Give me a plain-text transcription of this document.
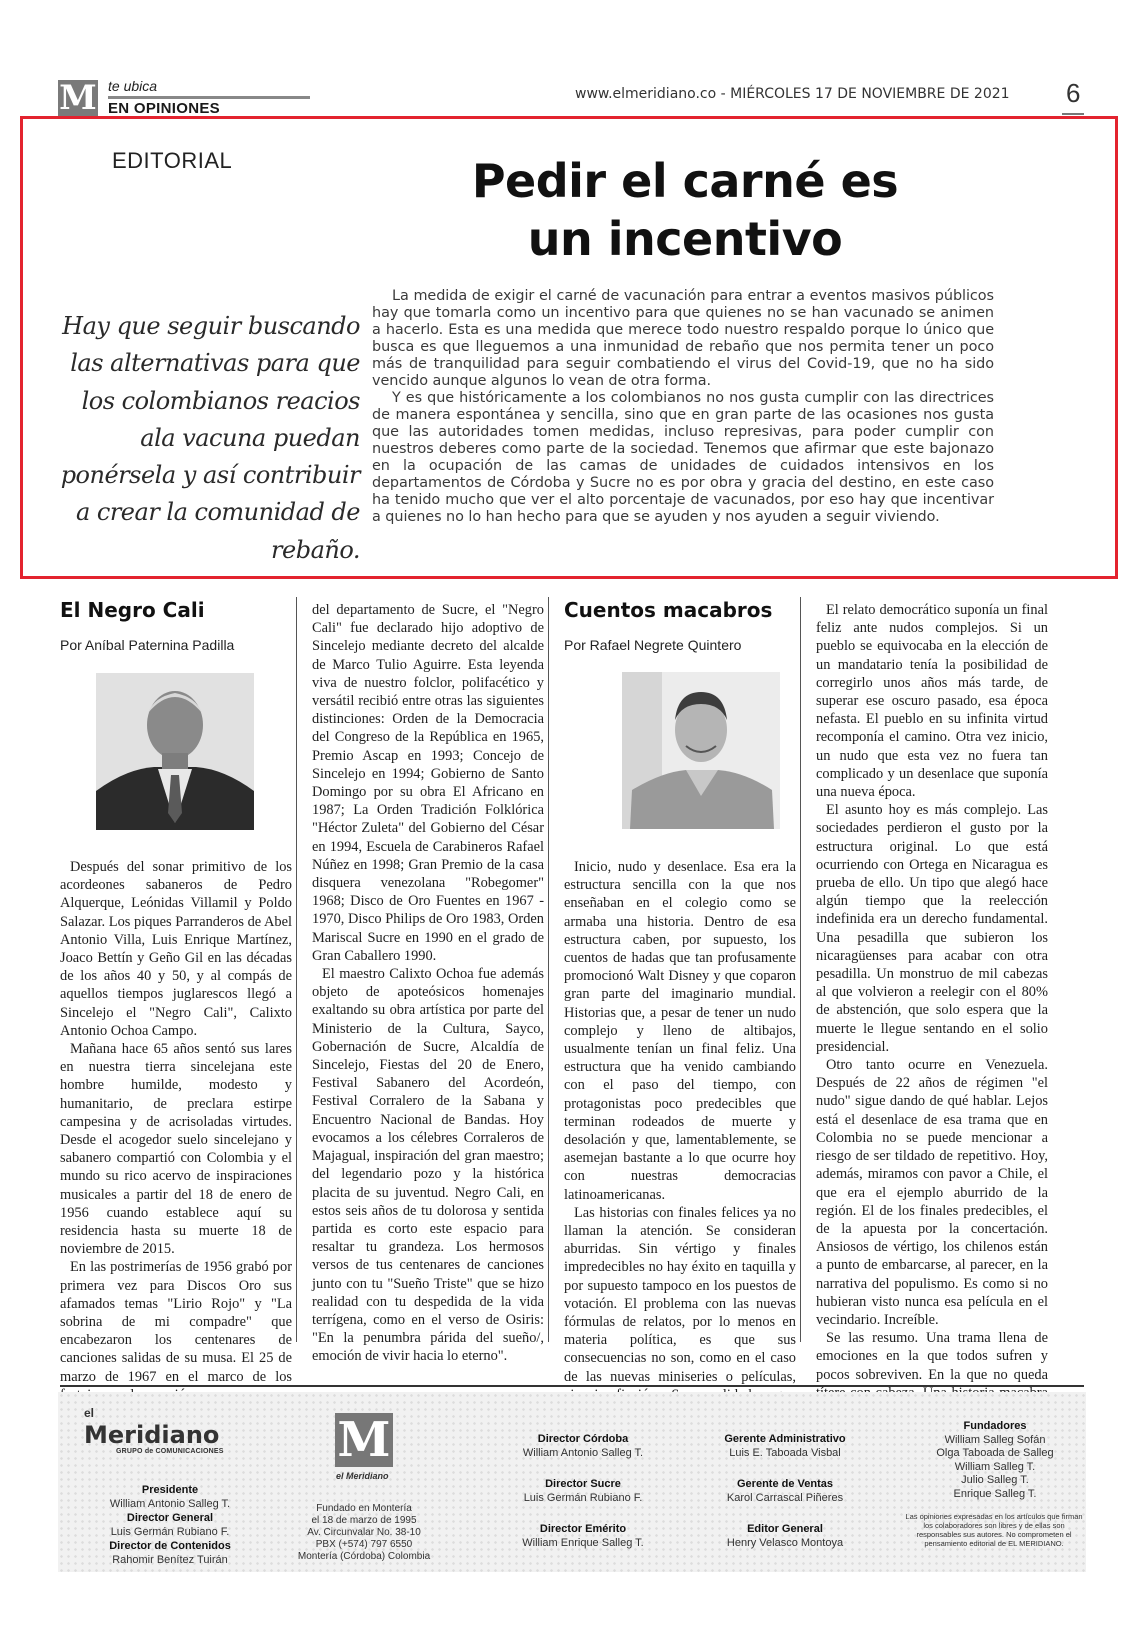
M te ubica
EN OPINIONES
www.elmeridiano.co - MIÉRCOLES 17 DE NOVIEMBRE DE 2021 6
EDITORIAL	Pedir el carné es
un incentivo
Hay que seguir buscando las alternativas para que los colombianos reacios ala vacuna puedan ponérsela y así contribuir a crear la comunidad de rebaño.

La medida de exigir el carné de vacunación para entrar a eventos masivos públicos hay que tomarla como un incentivo para que quienes no se han vacunado se animen a hacerlo. Esta es una medida que merece todo nuestro respaldo porque lo único que busca es que lleguemos a una inmunidad de rebaño que nos permita tener un poco más de tranquilidad para seguir combatiendo el virus del Covid-19, que no ha sido vencido aunque algunos lo vean de otra forma.

Y es que históricamente a los colombianos no nos gusta cumplir con las directrices de manera espontánea y sencilla, sino que en gran parte de las ocasiones nos gusta que las autoridades tomen medidas, incluso represivas, para poder cumplir con nuestros deberes como parte de la sociedad. Tenemos que afirmar que este bajonazo en la ocupación de las camas de unidades de cuidados intensivos en los departamentos de Córdoba y Sucre no es por obra y gracia del destino, en este caso ha tenido mucho que ver el alto porcentaje de vacunados, por eso hay que incentivar a quienes no lo han hecho para que se ayuden y nos ayuden a seguir viviendo.

El Negro Cali
Por Aníbal Paternina Padilla

Después del sonar primitivo de los acordeones sabaneros de Pedro Alquerque, Leónidas Villamil y Poldo Salazar. Los piques Parranderos de Abel Antonio Villa, Luis Enrique Martínez, Joaco Bettín y Geño Gil en las décadas de los años 40 y 50, y al compás de aquellos tiempos juglarescos llegó a Sincelejo el "Negro Cali", Calixto Antonio Ochoa Campo.

Mañana hace 65 años sentó sus lares en nuestra tierra sincelejana este hombre humilde, modesto y humanitario, de preclara estirpe campesina y de acrisoladas virtudes. Desde el acogedor suelo sincelejano y sabanero compartió con Colombia y el mundo su rico acervo de inspiraciones musicales a partir del 18 de enero de 1956 cuando establece aquí su residencia hasta su muerte 18 de noviembre de 2015.

En las postrimerías de 1956 grabó por primera vez para Discos Oro sus afamados temas "Lirio Rojo" y "La sobrina de mi compadre" que encabezaron los centenares de canciones salidas de su musa. El 25 de marzo de 1967 en el marco de los

del departamento de Sucre, el "Negro Cali" fue declarado hijo adoptivo de Sincelejo mediante decreto del alcalde de Marco Tulio Aguirre. Esta leyenda viva de nuestro folclor, polifacético y versátil recibió entre otras las siguientes distinciones: Orden de la Democracia del Congreso de la República en 1965, Premio Ascap en 1993; Concejo de Sincelejo en 1994; Gobierno de Santo Domingo por su obra El Africano en 1987; La Orden Tradición Folklórica "Héctor Zuleta" del Gobierno del César en 1994, Escuela de Carabineros Rafael Núñez en 1998; Gran Premio de la casa disquera venezolana "Robegomer" 1968; Disco de Oro Fuentes en 1967 - 1970, Disco Philips de Oro 1983, Orden Mariscal Sucre en 1990 en el grado de Gran Caballero 1990.

El maestro Calixto Ochoa fue además objeto de apoteósicos homenajes exaltando su obra artística por parte del Ministerio de la Cultura, Sayco, Gobernación de Sucre, Alcaldía de Sincelejo, Fiestas del 20 de Enero, Festival Sabanero del Acordeón, Festival Corralero de la Sabana y Encuentro Nacional de Bandas. Hoy evocamos a los célebres Corraleros de Majagual, inspiración del gran maestro; del legendario pozo y la histórica placita de su juventud. Negro Cali, en estos seis años de tu dolorosa y sentida partida es corto este espacio para resaltar tu grandeza. Los hermosos versos de tus centenares de canciones junto con tu "Sueño Triste" que se hizo realidad con tu despedida de la vida terrígena, como en el verso de Osiris: "En la penumbra párida del sueño/, emoción de vivir hacia lo eterno".

Cuentos macabros
Por Rafael Negrete Quintero

Inicio, nudo y desenlace. Esa era la estructura sencilla con la que nos enseñaban en el colegio como se armaba una historia. Dentro de esa estructura caben, por supuesto, los cuentos de hadas que tan profusamente promocionó Walt Disney y que coparon gran parte del imaginario mundial. Historias que, a pesar de tener un nudo complejo y lleno de altibajos, usualmente tenían un final feliz. Una estructura que ha venido cambiando con el paso del tiempo, con protagonistas poco predecibles que terminan rodeados de muerte y desolación y que, lamentablemente, se asemejan bastante a lo que ocurre hoy con nuestras democracias latinoamericanas.

Las historias con finales felices ya no llaman la atención. Se consideran aburridas. Sin vértigo y finales impredecibles no hay éxito en taquilla y por supuesto tampoco en los puestos de votación. El problema con las nuevas fórmulas de relatos, por lo menos en materia política, es que sus consecuencias no son, como en el caso de las nuevas miniseries o películas,

El relato democrático suponía un final feliz ante nudos complejos. Si un pueblo se equivocaba en la elección de un mandatario tenía la posibilidad de corregirlo unos años más tarde, de superar ese oscuro pasado, esa época nefasta. El pueblo en su infinita virtud recomponía el camino. Otra vez inicio, un nudo que esta vez no fuera tan complicado y un desenlace que suponía una nueva época.

El asunto hoy es más complejo. Las sociedades perdieron el gusto por la estructura original. Lo que está ocurriendo con Ortega en Nicaragua es prueba de ello. Un tipo que alegó hace algún tiempo que la reelección indefinida era un derecho fundamental. Una pesadilla que subieron los nicaragüenses para acabar con otra pesadilla. Un monstruo de mil cabezas al que volvieron a reelegir con el 80% de abstención, que solo espera que la muerte le llegue sentando en el solio presidencial.

Otro tanto ocurre en Venezuela. Después de 22 años de régimen "el nudo" sigue dando de qué hablar. Lejos está el desenlace de esa trama que en Colombia no se puede mencionar a riesgo de ser tildado de repetitivo. Hoy, además, miramos con pavor a Chile, el que era el ejemplo aburrido de la región. El de los finales predecibles, el de la apuesta por la concertación. Ansiosos de vértigo, los chilenos están a punto de embarcarse, al parecer, en la narrativa del populismo. Es como si no hubieran visto nunca esa película en el vecindario. Increíble.

Se las resumo. Una trama llena de emociones en la que todos sufren y pocos sobreviven. En la que no queda

el
Meridiano
GRUPO de COMUNICACIONES
Presidente
William Antonio Salleg T.
Director General
Luis Germán Rubiano F.
Director de Contenidos
Rahomir Benítez Tuirán
M
el Meridiano
Fundado en Montería
el 18 de marzo de 1995
Av. Circunvalar No. 38-10
PBX (+574) 797 6550
Montería (Córdoba) Colombia
Director Córdoba
William Antonio Salleg T.
Director Sucre
Luis Germán Rubiano F.
Director Emérito
William Enrique Salleg T.
Gerente Administrativo
Luis E. Taboada Visbal
Gerente de Ventas
Karol Carrascal Piñeres
Editor General
Henry Velasco Montoya
Fundadores
William Salleg Sofán
Olga Taboada de Salleg
William Salleg T.
Julio Salleg T.
Enrique Salleg T.
Las opiniones expresadas en los artículos que firman los colaboradores son libres y de ellas son responsables sus autores. No comprometen el pensamiento editorial de EL MERIDIANO.
